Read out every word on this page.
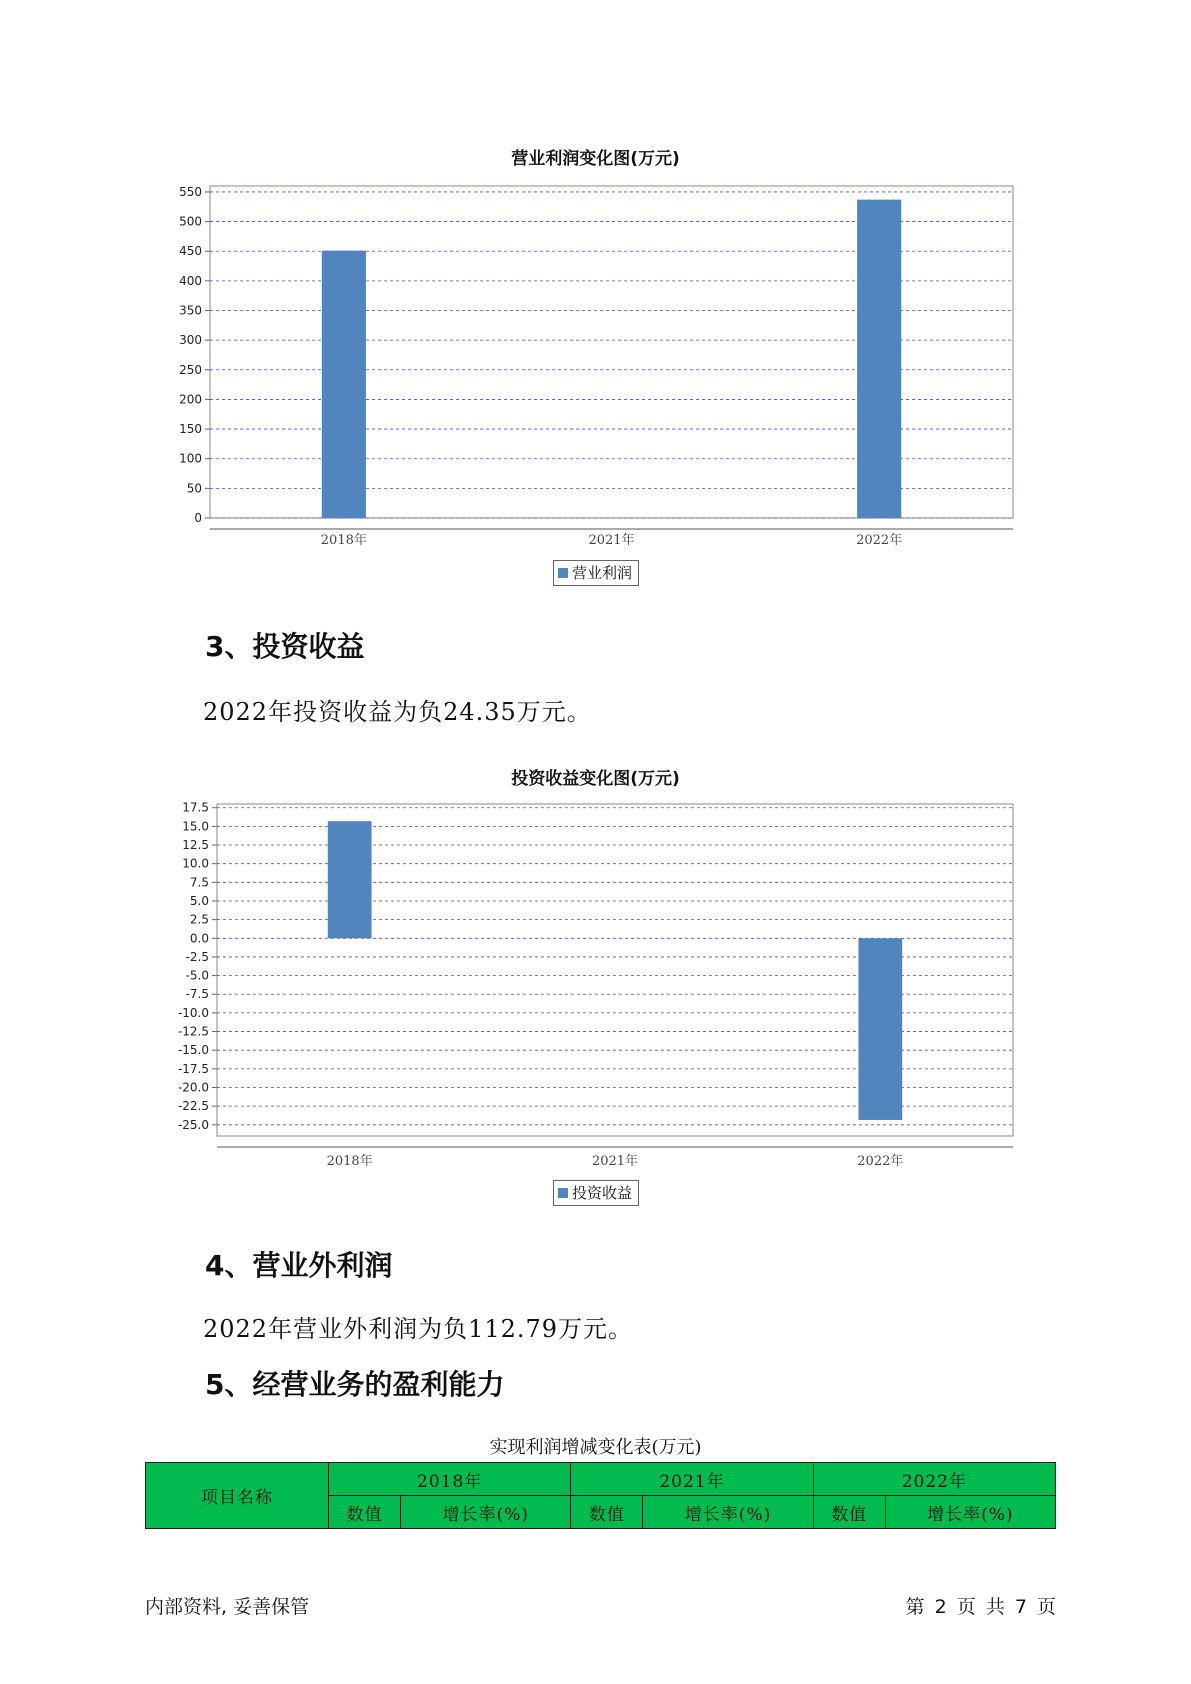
营业利润变化图(万元)
0
50
100
150
200
250
300
350
400
450
500
550
2018年	2021年	2022年
营业利润
3、投资收益
2022年投资收益为负24.35万元。
投资收益变化图(万元)
-25.0
-22.5
-20.0
-17.5
-15.0
-12.5
-10.0
-7.5
-5.0
-2.5
0.0
2.5
5.0
7.5
10.0
12.5
15.0
17.5
2018年	2021年	2022年
投资收益
4、营业外利润
2022年营业外利润为负112.79万元。
5、经营业务的盈利能力
实现利润增减变化表(万元)
项目名称	2018年		2021年		2022年	
	数值	增长率(%)	数值	增长率(%)	数值	增长率(%)
内部资料, 妥善保管	第 2 页 共 7 页
